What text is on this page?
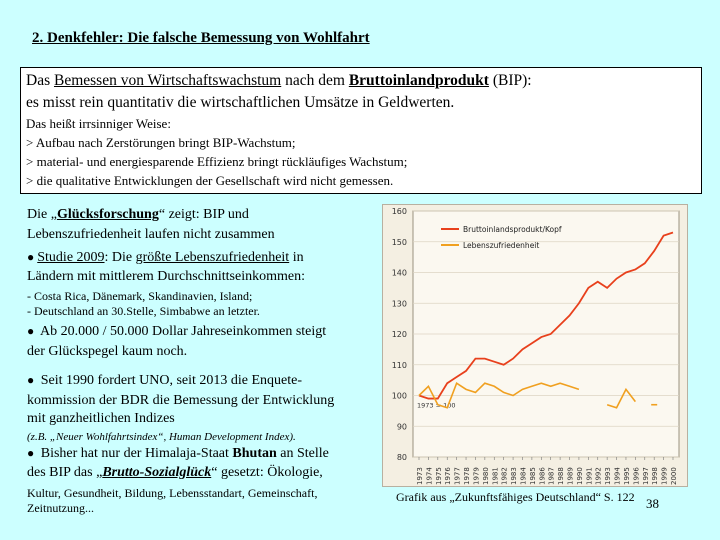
2. Denkfehler: Die falsche Bemessung von Wohlfahrt
Das Bemessen von Wirtschaftswachstum nach dem Bruttoinlandprodukt (BIP):
es misst rein quantitativ die wirtschaftlichen Umsätze in Geldwerten.
Das heißt irrsinniger Weise:
> Aufbau nach Zerstörungen bringt BIP-Wachstum;
> material- und energiesparende Effizienz bringt rückläufiges Wachstum;
> die qualitative Entwicklungen der Gesellschaft wird nicht gemessen.
Die „Glücksforschung“ zeigt: BIP und
Lebenszufriedenheit laufen nicht zusammen
● Studie 2009: Die größte Lebenszufriedenheit in
Ländern mit mittlerem Durchschnittseinkommen:
- Costa Rica, Dänemark, Skandinavien, Island;
- Deutschland an 30.Stelle, Simbabwe an letzter.
● Ab 20.000 / 50.000 Dollar Jahreseinkommen steigt
der Glückspegel kaum noch.
● Seit 1990 fordert UNO, seit 2013 die Enquete-
kommission der BDR die Bemessung der Entwicklung
mit ganzheitlichen Indizes
(z.B. „Neuer Wohlfahrtsindex“, Human Development Index).
● Bisher hat nur der Himalaja-Staat Bhutan an Stelle
des BIP das „Brutto-Sozialglück“ gesetzt: Ökologie,
Kultur, Gesundheit, Bildung, Lebensstandart, Gemeinschaft,
Zeitnutzung...
80
90
100
110
120
130
140
150
160
1973 1974 1975 1976 1977 1978 1979 1980 1981 1982 1983 1984 1985 1986 1987 1988 1989 1990 1991 1992 1993 1994 1995 1996 1997 1998 1999 2000
1973 = 100
Bruttoinlandsprodukt/Kopf
Lebenszufriedenheit
Grafik aus „Zukunftsfähiges Deutschland“ S. 122 38
